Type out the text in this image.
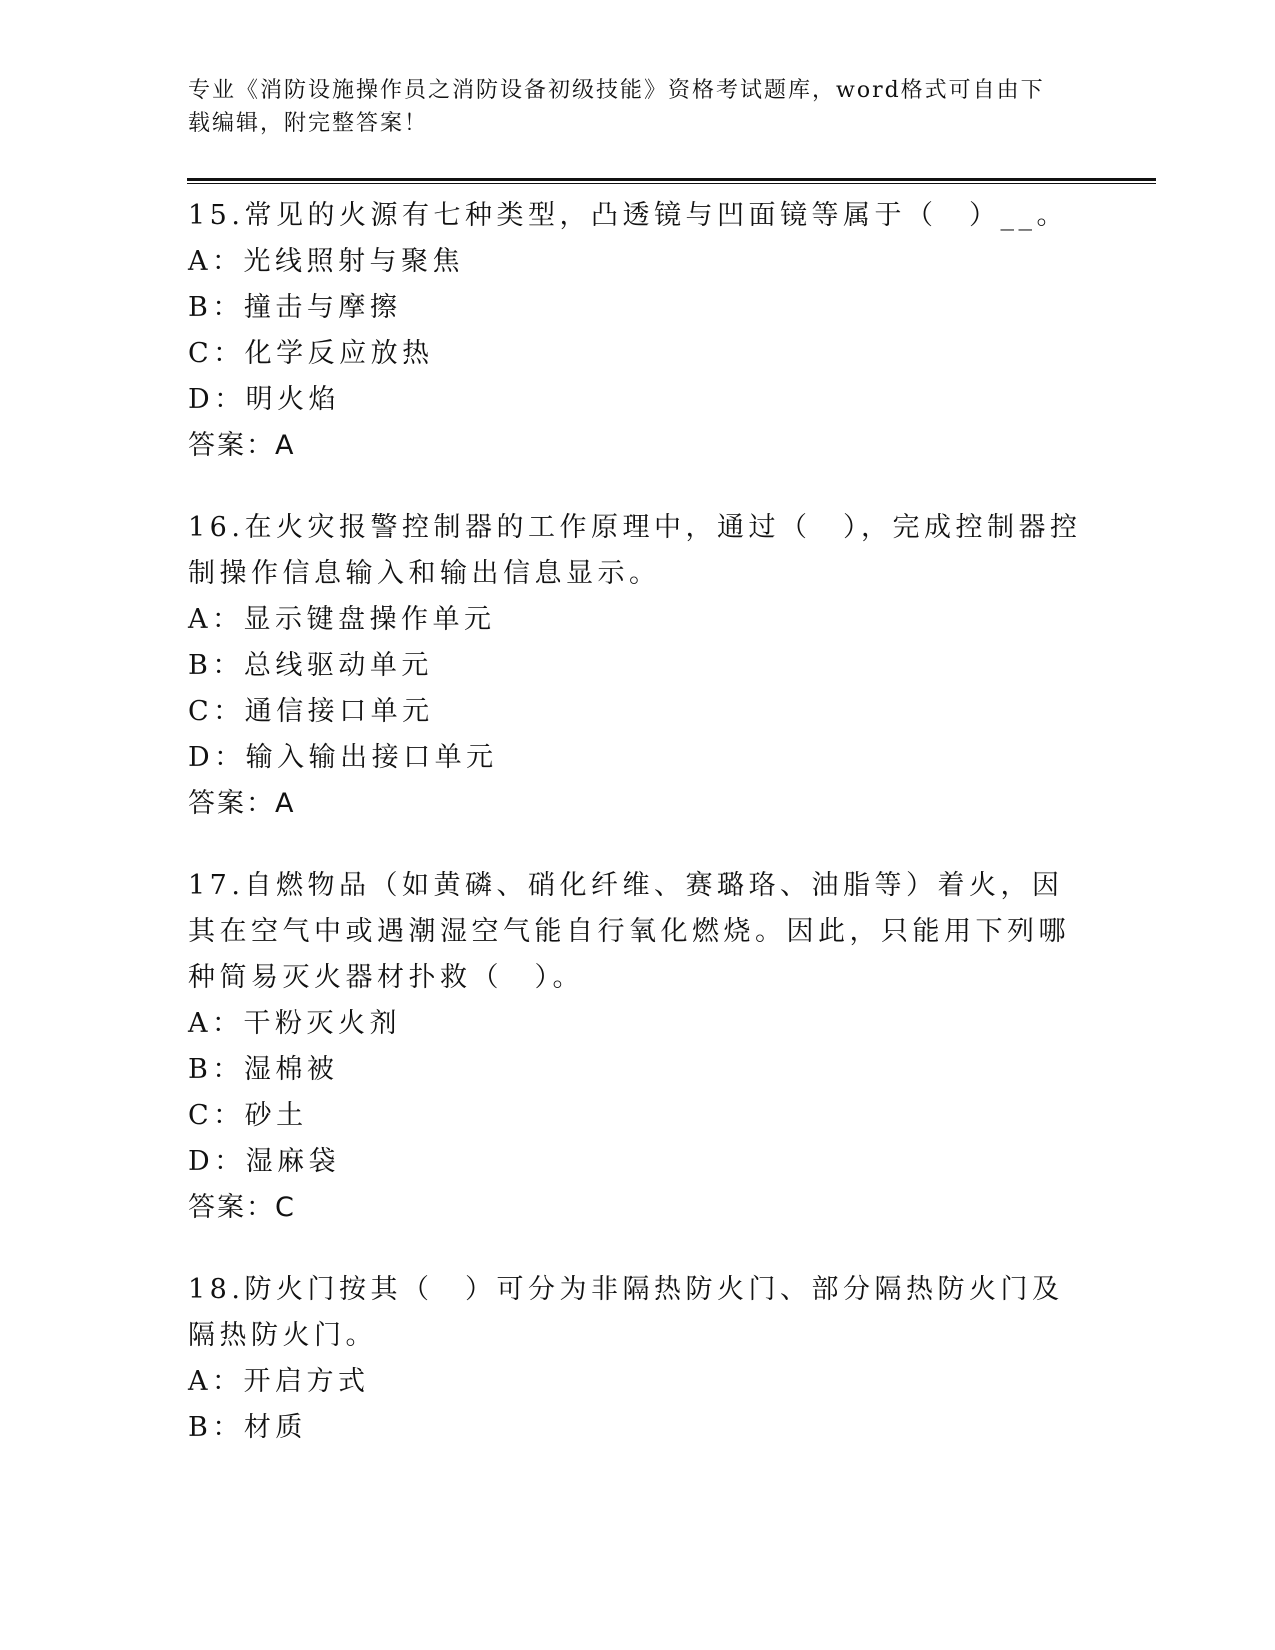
专业《消防设施操作员之消防设备初级技能》资格考试题库，word格式可自由下
载编辑，附完整答案！
15.常见的火源有七种类型，凸透镜与凹面镜等属于（　）__。
A：光线照射与聚焦
B：撞击与摩擦
C：化学反应放热
D：明火焰
答案：A
16.在火灾报警控制器的工作原理中，通过（　），完成控制器控制操作信息输入和输出信息显示。
A：显示键盘操作单元
B：总线驱动单元
C：通信接口单元
D：输入输出接口单元
答案：A
17.自燃物品（如黄磷、硝化纤维、赛璐珞、油脂等）着火，因其在空气中或遇潮湿空气能自行氧化燃烧。因此，只能用下列哪种简易灭火器材扑救（　）。
A：干粉灭火剂
B：湿棉被
C：砂土
D：湿麻袋
答案：C
18.防火门按其（　）可分为非隔热防火门、部分隔热防火门及隔热防火门。
A：开启方式
B：材质
